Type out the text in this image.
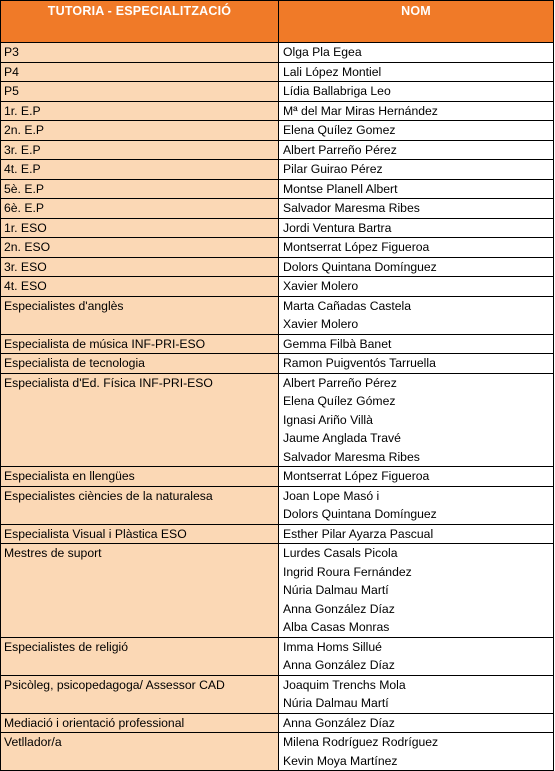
TUTORIA - ESPECIALITZACIÓ	NOM
P3	Olga Pla Egea

P4	Lali López Montiel

P5	Lídia Ballabriga Leo

1r. E.P	Mª del Mar Miras Hernández

2n. E.P	Elena Quílez Gomez

3r. E.P	Albert Parreño Pérez

4t. E.P	Pilar Guirao Pérez

5è. E.P	Montse Planell Albert

6è. E.P	Salvador Maresma Ribes

1r. ESO	Jordi Ventura Bartra

2n. ESO	Montserrat López Figueroa

3r. ESO	Dolors Quintana Domínguez

4t. ESO	Xavier Molero

Especialistes d'anglès	Marta Cañadas Castela
Xavier Molero

Especialista de música INF-PRI-ESO	Gemma Filbà Banet

Especialista de tecnologia	Ramon Puigventós Tarruella

Especialista d'Ed. Física INF-PRI-ESO	Albert Parreño Pérez
Elena Quílez Gómez
Ignasi Ariño Villà
Jaume Anglada Travé
Salvador Maresma Ribes

Especialista en llengües	Montserrat López Figueroa

Especialistes ciències de la naturalesa	Joan Lope Masó i
Dolors Quintana Domínguez

Especialista Visual i Plàstica ESO	Esther Pilar Ayarza Pascual

Mestres de suport	Lurdes Casals Picola
Ingrid Roura Fernández
Núria Dalmau Martí
Anna González Díaz
Alba Casas Monras

Especialistes de religió	Imma Homs Sillué
Anna González Díaz

Psicòleg, psicopedagoga/ Assessor CAD	Joaquim Trenchs Mola
Núria Dalmau Martí

Mediació i orientació professional	Anna González Díaz

Vetllador/a	Milena Rodríguez Rodríguez
Kevin Moya Martínez
